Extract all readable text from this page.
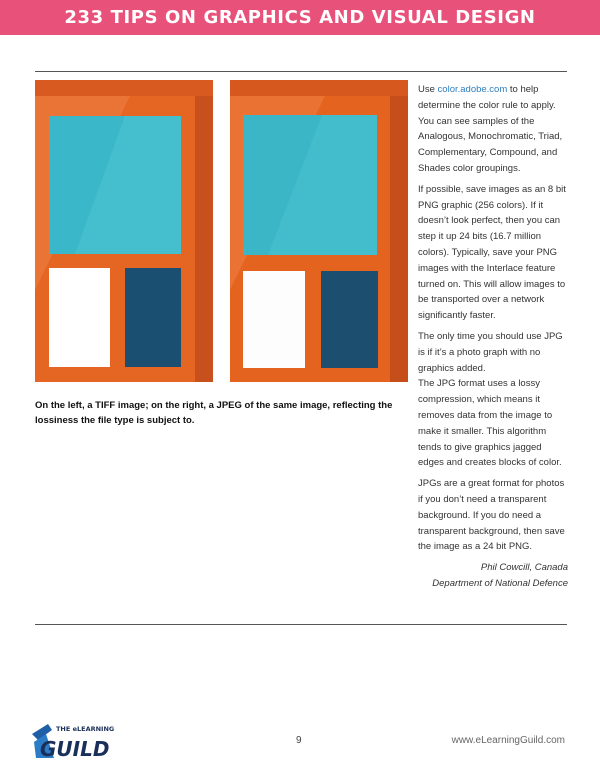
233 TIPS ON GRAPHICS AND VISUAL DESIGN
On the left, a TIFF image; on the right, a JPEG of the same image, reflecting the lossiness the file type is subject to.

Use color.adobe.com to help determine the color rule to apply. You can see samples of the Analogous, Monochromatic, Triad, Complementary, Compound, and Shades color groupings.

If possible, save images as an 8 bit PNG graphic (256 colors). If it doesn’t look perfect, then you can step it up 24 bits (16.7 million colors). Typically, save your PNG images with the Interlace feature turned on. This will allow images to be transported over a network significantly faster.

The only time you should use JPG is if it’s a photo graph with no graphics added.

The JPG format uses a lossy compression, which means it removes data from the image to make it smaller. This algorithm tends to give graphics jagged edges and creates blocks of color.

JPGs are a great format for photos if you don’t need a transparent background. If you do need a transparent background, then save the image as a 24 bit PNG.

Phil Cowcill, Canada
Department of National Defence
THE eLEARNING
GUILD	9	www.eLearningGuild.com
